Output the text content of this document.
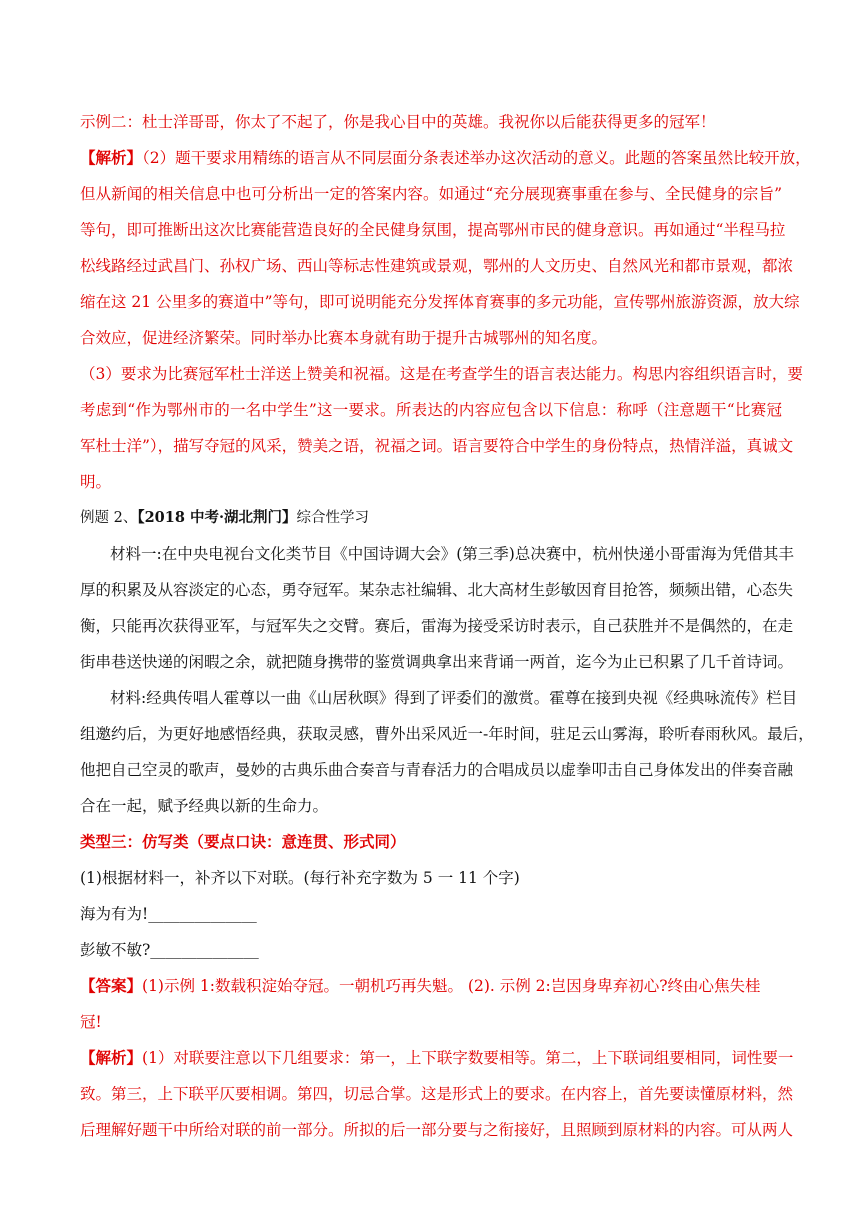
示例二：杜士洋哥哥，你太了不起了，你是我心目中的英雄。我祝你以后能获得更多的冠军！
【解析】（2）题干要求用精练的语言从不同层面分条表述举办这次活动的意义。此题的答案虽然比较开放，
但从新闻的相关信息中也可分析出一定的答案内容。如通过“充分展现赛事重在参与、全民健身的宗旨”
等句，即可推断出这次比赛能营造良好的全民健身氛围，提高鄂州市民的健身意识。再如通过“半程马拉
松线路经过武昌门、孙权广场、西山等标志性建筑或景观，鄂州的人文历史、自然风光和都市景观，都浓
缩在这 21 公里多的赛道中”等句，即可说明能充分发挥体育赛事的多元功能，宣传鄂州旅游资源，放大综
合效应，促进经济繁荣。同时举办比赛本身就有助于提升古城鄂州的知名度。
（3）要求为比赛冠军杜士洋送上赞美和祝福。这是在考查学生的语言表达能力。构思内容组织语言时，要
考虑到“作为鄂州市的一名中学生”这一要求。所表达的内容应包含以下信息：称呼（注意题干“比赛冠
军杜士洋”），描写夺冠的风采，赞美之语，祝福之词。语言要符合中学生的身份特点，热情洋溢，真诚文
明。
例题 2、【2018 中考·湖北荆门】综合性学习
材料一:在中央电视台文化类节目《中国诗调大会》(第三季)总决赛中，杭州快递小哥雷海为凭借其丰
厚的积累及从容淡定的心态，勇夺冠军。某杂志社编辑、北大高材生彭敏因育目抢答，频频出错，心态失
衡，只能再次获得亚军，与冠军失之交臂。赛后，雷海为接受采访时表示，自己获胜并不是偶然的，在走
街串巷送快递的闲暇之余，就把随身携带的鉴赏调典拿出来背诵一两首，迄今为止已积累了几千首诗词。
材料:经典传唱人霍尊以一曲《山居秋暝》得到了评委们的激赏。霍尊在接到央视《经典咏流传》栏目
组邀约后，为更好地感悟经典，获取灵感，曹外出采风近一-年时间，驻足云山雾海，聆听春雨秋风。最后，
他把自己空灵的歌声，曼妙的古典乐曲合奏音与青春活力的合唱成员以虚拳叩击自己身体发出的伴奏音融
合在一起，赋予经典以新的生命力。
类型三：仿写类（要点口诀：意连贯、形式同）
(1)根据材料一，补齐以下对联。(每行补充字数为 5 一 11 个字)
海为有为!______________
彭敏不敏?______________
【答案】(1)示例 1:数载积淀始夺冠。一朝机巧再失魁。 (2). 示例 2:岂因身卑弃初心?终由心焦失桂
冠!
【解析】(1）对联要注意以下几组要求：第一，上下联字数要相等。第二，上下联词组要相同，词性要一
致。第三，上下联平仄要相调。第四，切忌合掌。这是形式上的要求。在内容上，首先要读懂原材料，然
后理解好题干中所给对联的前一部分。所拟的后一部分要与之衔接好，且照顾到原材料的内容。可从两人
